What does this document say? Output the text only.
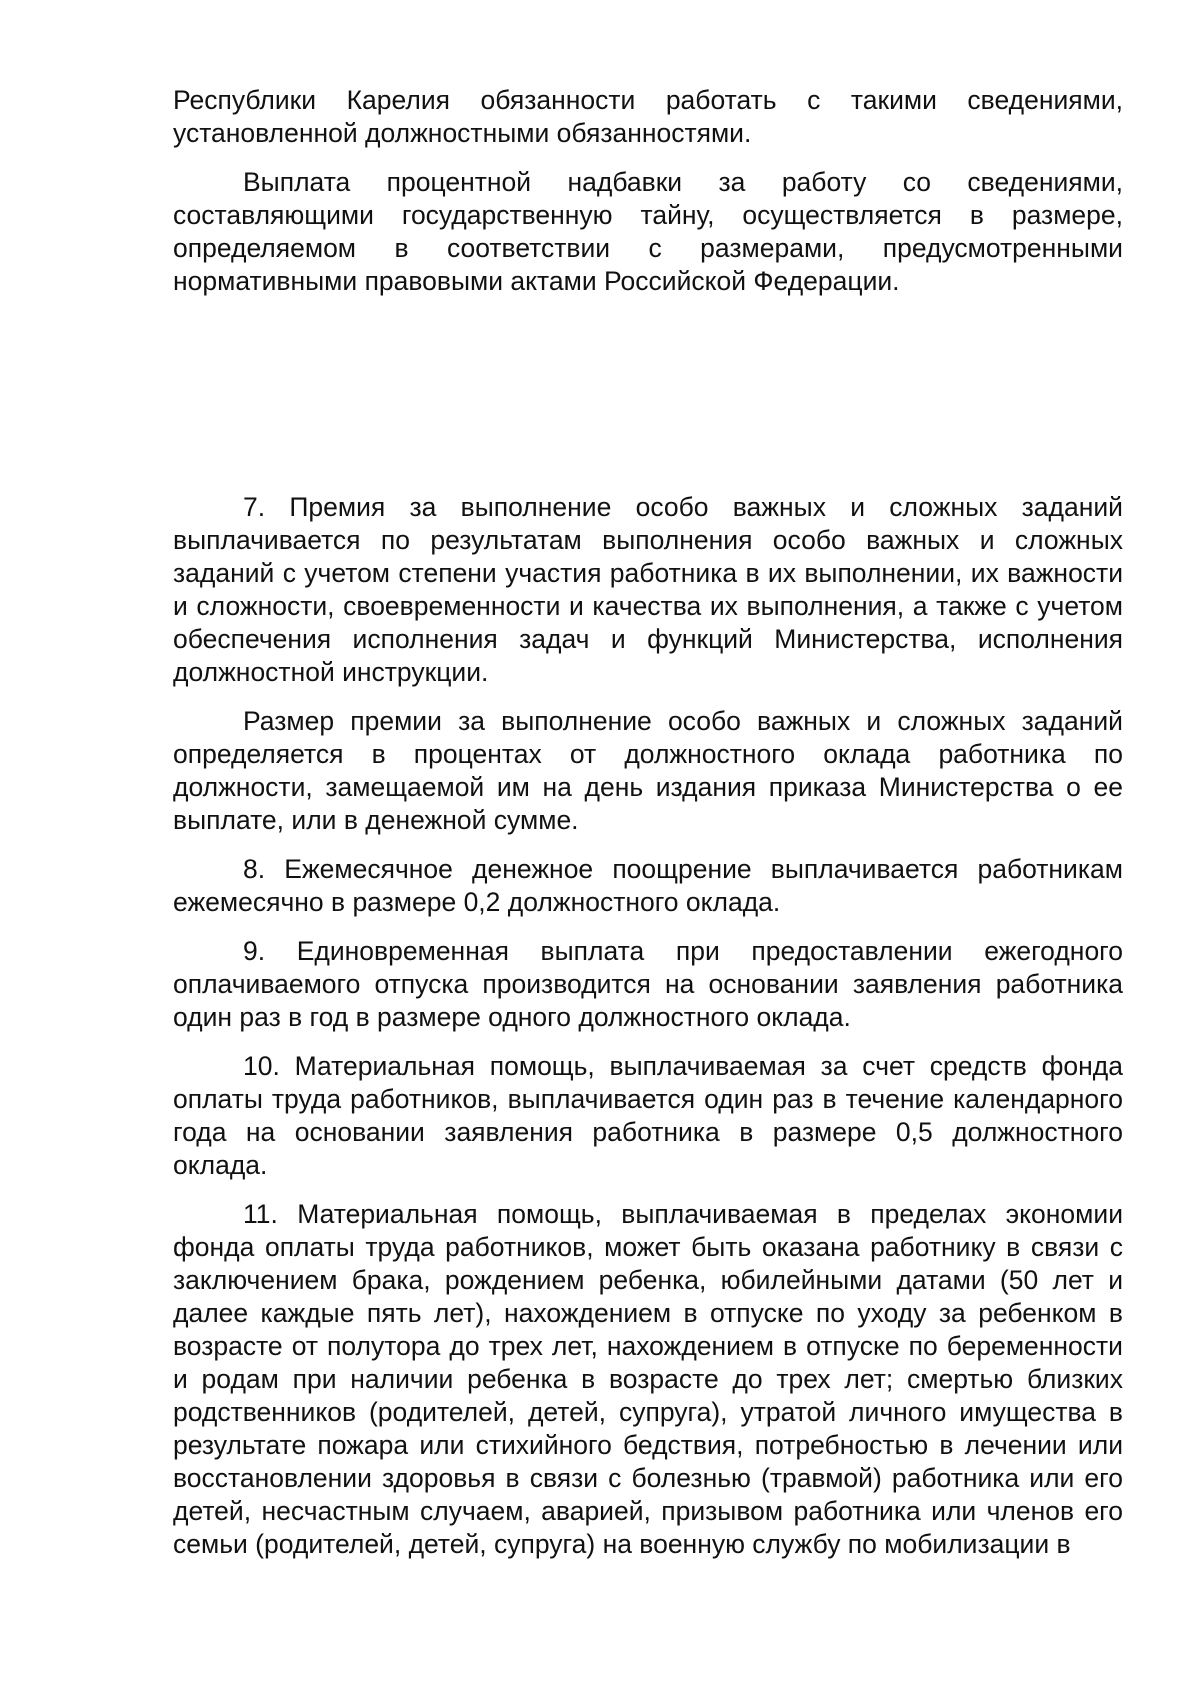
Республики Карелия обязанности работать с такими сведениями, установленной должностными обязанностями.

Выплата процентной надбавки за работу со сведениями, составляющими государственную тайну, осуществляется в размере, определяемом в соответствии с размерами, предусмотренными нормативными правовыми актами Российской Федерации.

7. Премия за выполнение особо важных и сложных заданий выплачивается по результатам выполнения особо важных и сложных заданий с учетом степени участия работника в их выполнении, их важности и сложности, своевременности и качества их выполнения, а также с учетом обеспечения исполнения задач и функций Министерства, исполнения должностной инструкции.

Размер премии за выполнение особо важных и сложных заданий определяется в процентах от должностного оклада работника по должности, замещаемой им на день издания приказа Министерства о ее выплате, или в денежной сумме.

8. Ежемесячное денежное поощрение выплачивается работникам ежемесячно в размере 0,2 должностного оклада.

9. Единовременная выплата при предоставлении ежегодного оплачиваемого отпуска производится на основании заявления работника один раз в год в размере одного должностного оклада.

10. Материальная помощь, выплачиваемая за счет средств фонда оплаты труда работников, выплачивается один раз в течение календарного года на основании заявления работника в размере 0,5 должностного оклада.

11. Материальная помощь, выплачиваемая в пределах экономии фонда оплаты труда работников, может быть оказана работнику в связи с заключением брака, рождением ребенка, юбилейными датами (50 лет и далее каждые пять лет), нахождением в отпуске по уходу за ребенком в возрасте от полутора до трех лет, нахождением в отпуске по беременности и родам при наличии ребенка в возрасте до трех лет; смертью близких родственников (родителей, детей, супруга), утратой личного имущества в результате пожара или стихийного бедствия, потребностью в лечении или восстановлении здоровья в связи с болезнью (травмой) работника или его детей, несчастным случаем, аварией, призывом работника или членов его семьи (родителей, детей, супруга) на военную службу по мобилизации в
